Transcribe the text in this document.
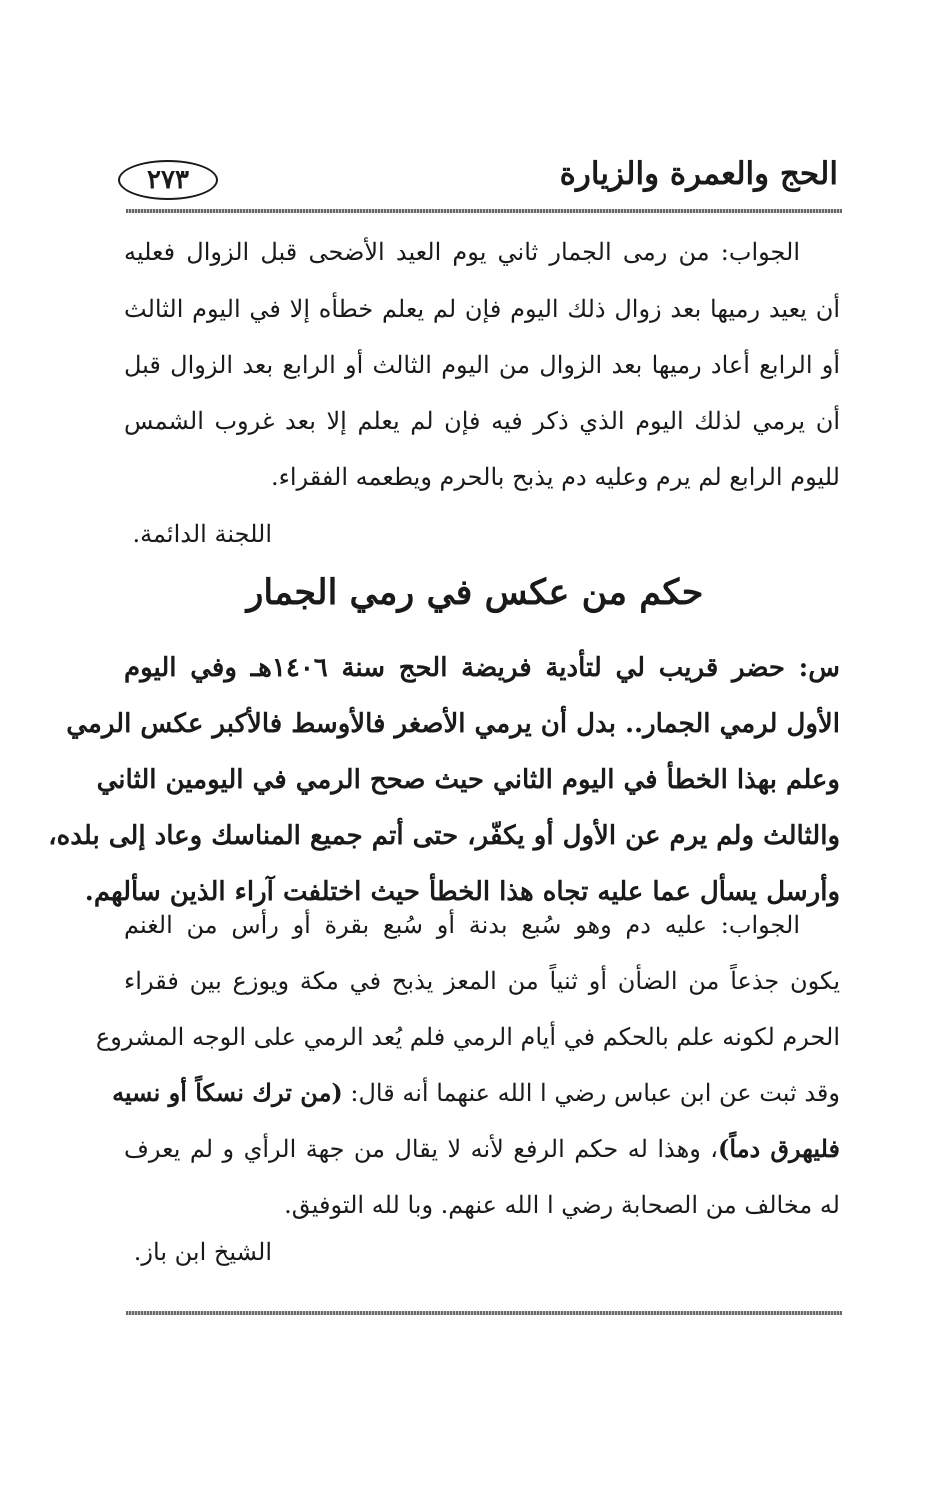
الحج والعمرة والزيارة
٢٧٣
الجواب: من رمى الجمار ثاني يوم العيد الأضحى قبل الزوال فعليه
أن يعيد رميها بعد زوال ذلك اليوم فإن لم يعلم خطأه إلا في اليوم الثالث
أو الرابع أعاد رميها بعد الزوال من اليوم الثالث أو الرابع بعد الزوال قبل
أن يرمي لذلك اليوم الذي ذكر فيه فإن لم يعلم إلا بعد غروب الشمس
لليوم الرابع لم يرم وعليه دم يذبح بالحرم ويطعمه الفقراء.
اللجنة الدائمة.
حكم من عكس في رمي الجمار
س: حضر قريب لي لتأدية فريضة الحج سنة ١٤٠٦هـ وفي اليوم
الأول لرمي الجمار.. بدل أن يرمي الأصغر فالأوسط فالأكبر عكس الرمي
وعلم بهذا الخطأ في اليوم الثاني حيث صحح الرمي في اليومين الثاني
والثالث ولم يرم عن الأول أو يكفّر، حتى أتم جميع المناسك وعاد إلى بلده،
وأرسل يسأل عما عليه تجاه هذا الخطأ حيث اختلفت آراء الذين سألهم.
الجواب: عليه دم وهو سُبع بدنة أو سُبع بقرة أو رأس من الغنم
يكون جذعاً من الضأن أو ثنياً من المعز يذبح في مكة ويوزع بين فقراء
الحرم لكونه علم بالحكم في أيام الرمي فلم يُعد الرمي على الوجه المشروع
وقد ثبت عن ابن عباس رضي ا الله عنهما أنه قال: (من ترك نسكاً أو نسيه
فليهرق دماً)، وهذا له حكم الرفع لأنه لا يقال من جهة الرأي و لم يعرف
له مخالف من الصحابة رضي ا الله عنهم. وبا لله التوفيق.
الشيخ ابن باز.
